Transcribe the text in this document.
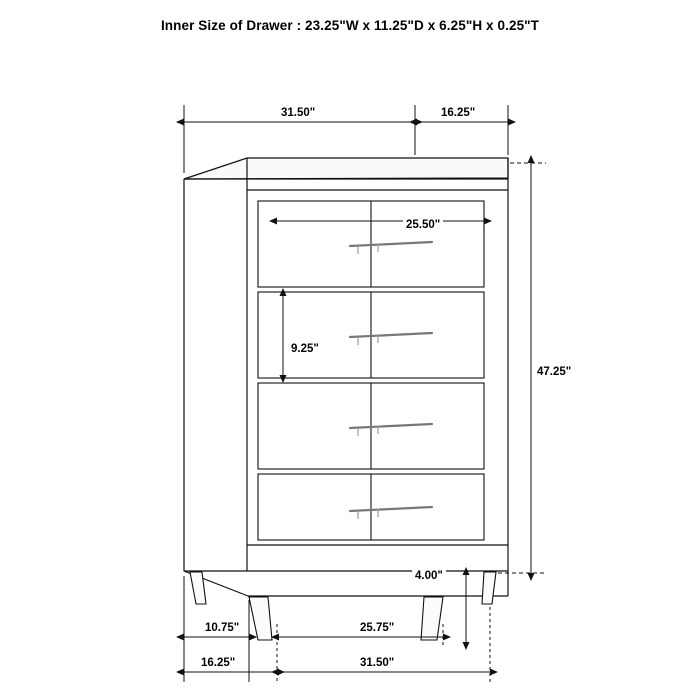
Inner Size of Drawer : 23.25"W x 11.25"D x 6.25"H x 0.25"T
31.50"	16.25"
25.50"
9.25"
47.25"
4.00"
10.75"	25.75"
16.25"	31.50"
